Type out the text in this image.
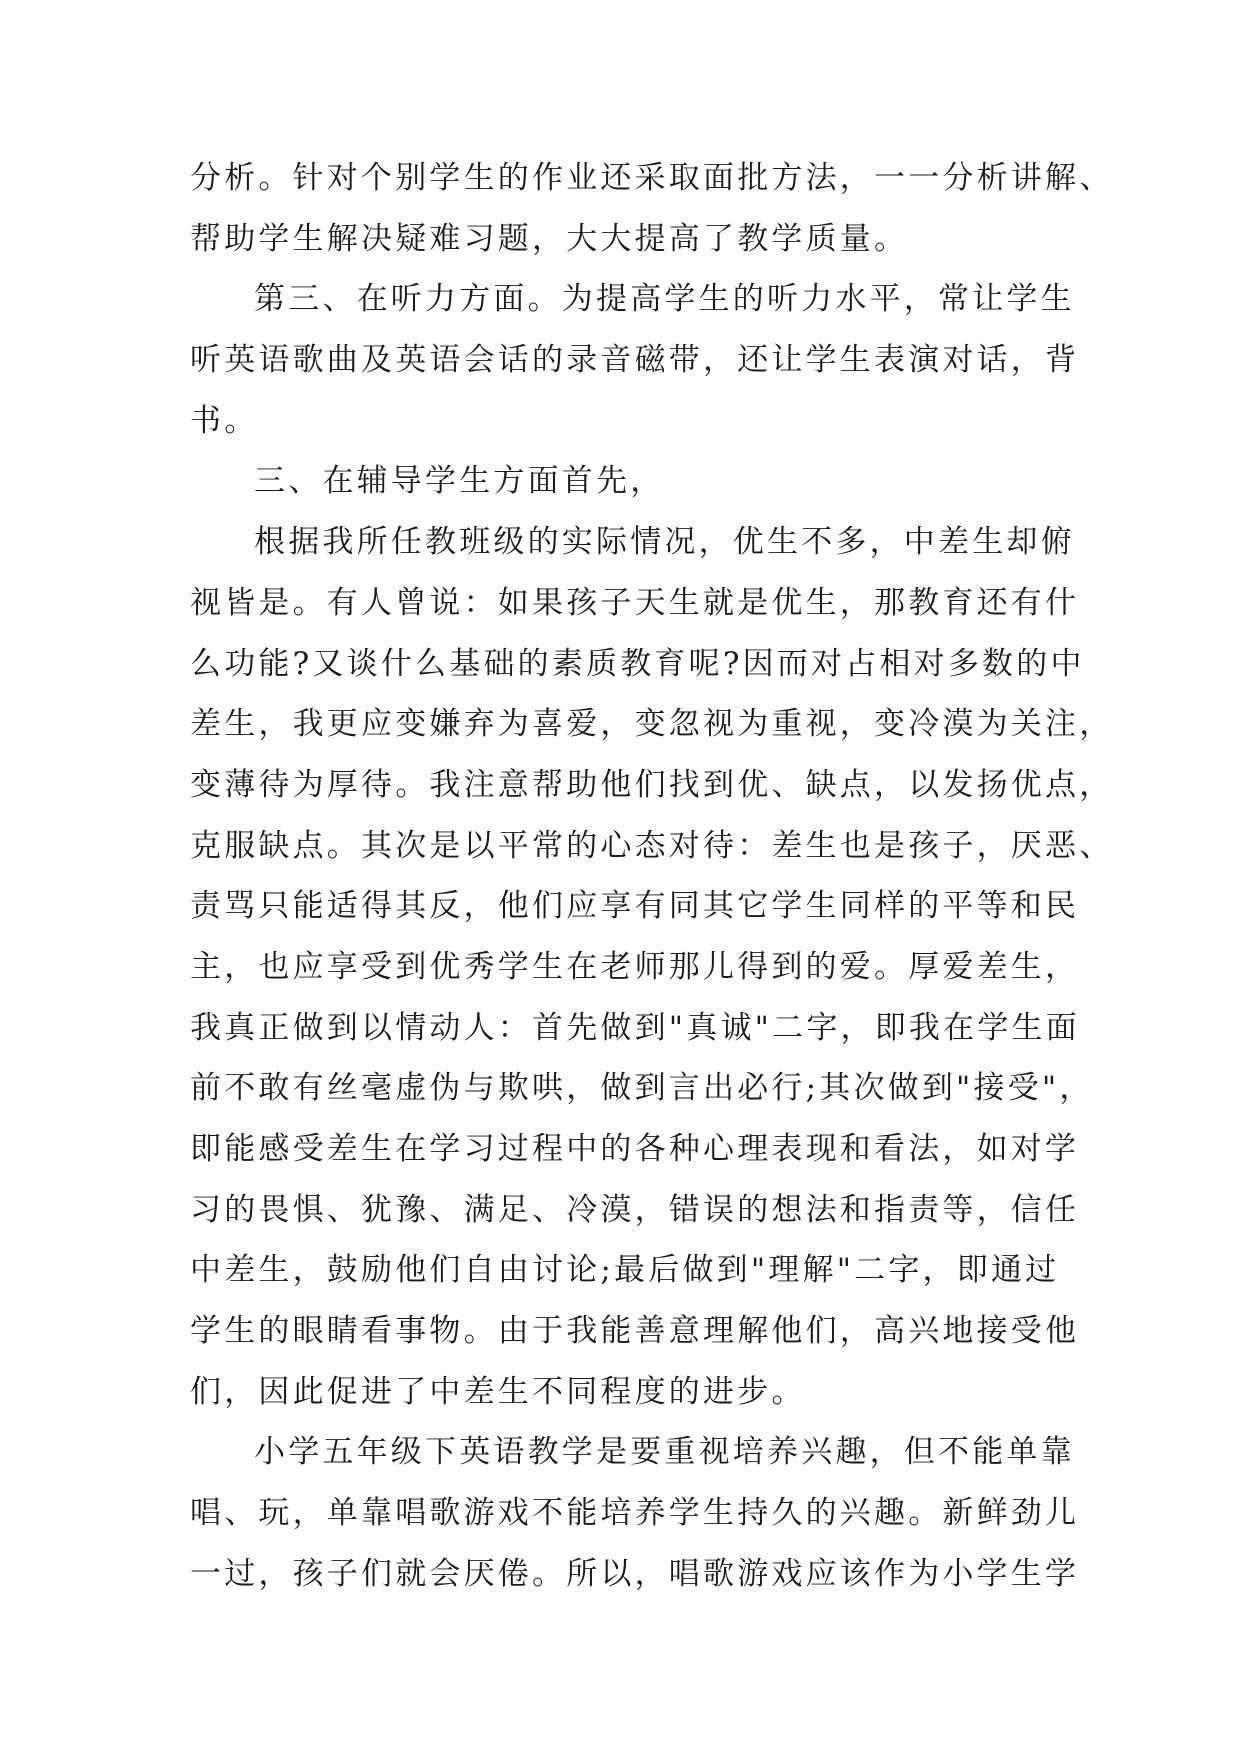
分析。针对个别学生的作业还采取面批方法，一一分析讲解、
帮助学生解决疑难习题，大大提高了教学质量。
第三、在听力方面。为提高学生的听力水平，常让学生
听英语歌曲及英语会话的录音磁带，还让学生表演对话，背
书。
三、在辅导学生方面首先，
根据我所任教班级的实际情况，优生不多，中差生却俯
视皆是。有人曾说：如果孩子天生就是优生，那教育还有什
么功能?又谈什么基础的素质教育呢?因而对占相对多数的中
差生，我更应变嫌弃为喜爱，变忽视为重视，变冷漠为关注，
变薄待为厚待。我注意帮助他们找到优、缺点，以发扬优点，
克服缺点。其次是以平常的心态对待：差生也是孩子，厌恶、
责骂只能适得其反，他们应享有同其它学生同样的平等和民
主，也应享受到优秀学生在老师那儿得到的爱。厚爱差生，
我真正做到以情动人：首先做到"真诚"二字，即我在学生面
前不敢有丝毫虚伪与欺哄，做到言出必行;其次做到"接受"，
即能感受差生在学习过程中的各种心理表现和看法，如对学
习的畏惧、犹豫、满足、冷漠，错误的想法和指责等，信任
中差生，鼓励他们自由讨论;最后做到"理解"二字，即通过
学生的眼睛看事物。由于我能善意理解他们，高兴地接受他
们，因此促进了中差生不同程度的进步。
小学五年级下英语教学是要重视培养兴趣，但不能单靠
唱、玩，单靠唱歌游戏不能培养学生持久的兴趣。新鲜劲儿
一过，孩子们就会厌倦。所以，唱歌游戏应该作为小学生学
